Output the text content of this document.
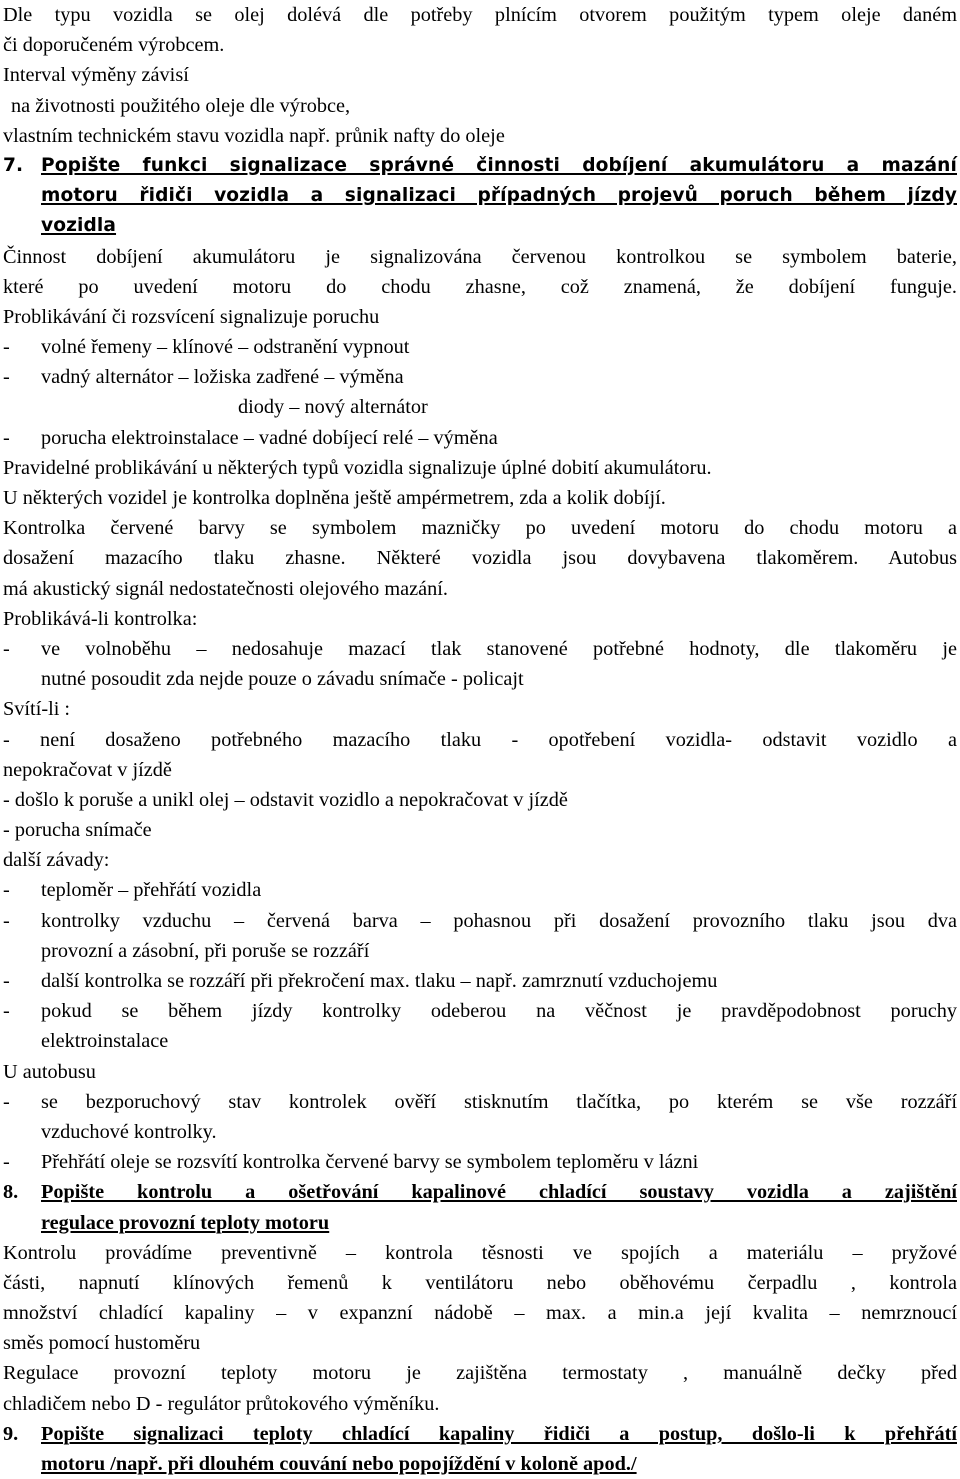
Dle typu vozidla se olej dolévá dle potřeby plnícím otvorem použitým typem oleje daném
či doporučeném výrobcem.
Interval výměny závisí
na životnosti použitého oleje dle výrobce,
vlastním technickém stavu vozidla např. průnik nafty do oleje
7. Popište funkci signalizace správné činnosti dobíjení akumulátoru a mazání
motoru řidiči vozidla a signalizaci případných projevů poruch během jízdy
vozidla
Činnost dobíjení akumulátoru je signalizována červenou kontrolkou se symbolem baterie,
které po uvedení motoru do chodu zhasne, což znamená, že dobíjení funguje.
Problikávání či rozsvícení signalizuje poruchu
-	volné řemeny – klínové – odstranění vypnout
-	vadný alternátor – ložiska zadřené – výměna
diody – nový alternátor
-	porucha elektroinstalace – vadné dobíjecí relé – výměna
Pravidelné problikávání u některých typů vozidla signalizuje úplné dobití akumulátoru.
U některých vozidel je kontrolka doplněna ještě ampérmetrem, zda a kolik dobíjí.
Kontrolka červené barvy se symbolem mazničky po uvedení motoru do chodu motoru a
dosažení mazacího tlaku zhasne. Některé vozidla jsou dovybavena tlakoměrem. Autobus
má akustický signál nedostatečnosti olejového mazání.
Problikává-li kontrolka:
-	ve volnoběhu – nedosahuje mazací tlak stanovené potřebné hodnoty, dle tlakoměru je
nutné posoudit zda nejde pouze o závadu snímače - policajt
Svítí-li :
- není dosaženo potřebného mazacího tlaku - opotřebení vozidla- odstavit vozidlo a
nepokračovat v jízdě
- došlo k poruše a unikl olej – odstavit vozidlo a nepokračovat v jízdě
- porucha snímače
další závady:
-	teploměr – přehřátí vozidla
-	kontrolky vzduchu – červená barva – pohasnou při dosažení provozního tlaku jsou dva
provozní a zásobní, při poruše se rozzáří
-	další kontrolka se rozzáří při překročení max. tlaku – např. zamrznutí vzduchojemu
-	pokud se během jízdy kontrolky odeberou na věčnost je pravděpodobnost poruchy
elektroinstalace
U autobusu
-	se bezporuchový stav kontrolek ověří stisknutím tlačítka, po kterém se vše rozzáří
vzduchové kontrolky.
-	Přehřátí oleje se rozsvítí kontrolka červené barvy se symbolem teploměru v lázni
8.	Popište kontrolu a ošetřování kapalinové chladící soustavy vozidla a zajištění
regulace provozní teploty motoru
Kontrolu provádíme preventivně – kontrola těsnosti ve spojích a materiálu – pryžové
části, napnutí klínových řemenů k ventilátoru nebo oběhovému čerpadlu , kontrola
množství chladící kapaliny – v expanzní nádobě – max. a min.a její kvalita – nemrznoucí
směs pomocí hustoměru
Regulace provozní teploty motoru je zajištěna termostaty , manuálně dečky před
chladičem nebo D - regulátor průtokového výměníku.
9.	Popište signalizaci teploty chladící kapaliny řidiči a postup, došlo-li k přehřátí
motoru /např. při dlouhém couvání nebo popojíždění v koloně apod./
